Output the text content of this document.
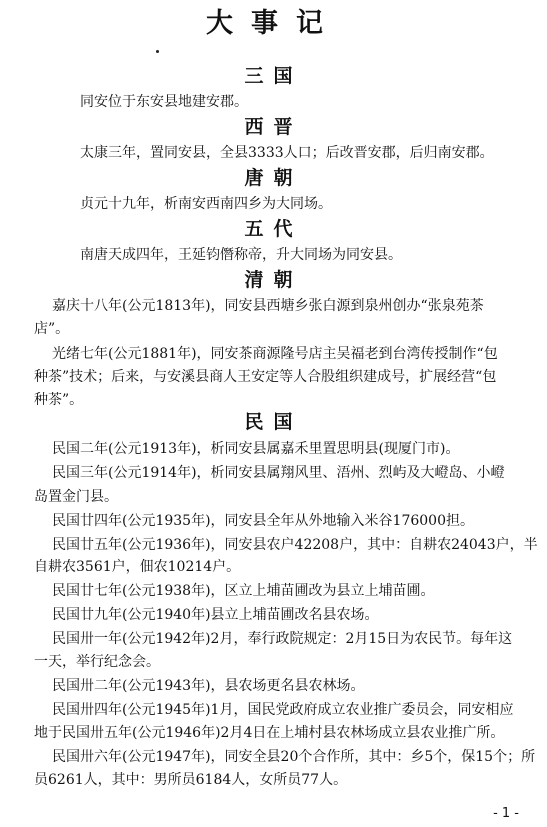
大事记
三国
同安位于东安县地建安郡。
西晋
太康三年，置同安县，全县3333人口；后改晋安郡，后归南安郡。
唐朝
贞元十九年，析南安西南四乡为大同场。
五代
南唐天成四年，王延钧僭称帝，升大同场为同安县。
清朝
嘉庆十八年(公元1813年)，同安县西塘乡张白源到泉州创办“张泉苑茶
店”。
光绪七年(公元1881年)，同安茶商源隆号店主吴福老到台湾传授制作“包
种茶”技术；后来，与安溪县商人王安定等人合股组织建成号，扩展经营“包
种茶”。
民国
民国二年(公元1913年)，析同安县属嘉禾里置思明县(现厦门市)。
民国三年(公元1914年)，析同安县属翔风里、浯州、烈屿及大嶝岛、小嶝
岛置金门县。
民国廿四年(公元1935年)，同安县全年从外地输入米谷176000担。
民国廿五年(公元1936年)，同安县农户42208户，其中：自耕农24043户，半
自耕农3561户，佃农10214户。
民国廿七年(公元1938年)，区立上埔苗圃改为县立上埔苗圃。
民国廿九年(公元1940年)县立上埔苗圃改名县农场。
民国卅一年(公元1942年)2月，奉行政院规定：2月15日为农民节。每年这
一天，举行纪念会。
民国卅二年(公元1943年)，县农场更名县农林场。
民国卅四年(公元1945年)1月，国民党政府成立农业推广委员会，同安相应
地于民国卅五年(公元1946年)2月4日在上埔村县农林场成立县农业推广所。
民国卅六年(公元1947年)，同安全县20个合作所，其中：乡5个，保15个；所
员6261人，其中：男所员6184人，女所员77人。
- 1 -
